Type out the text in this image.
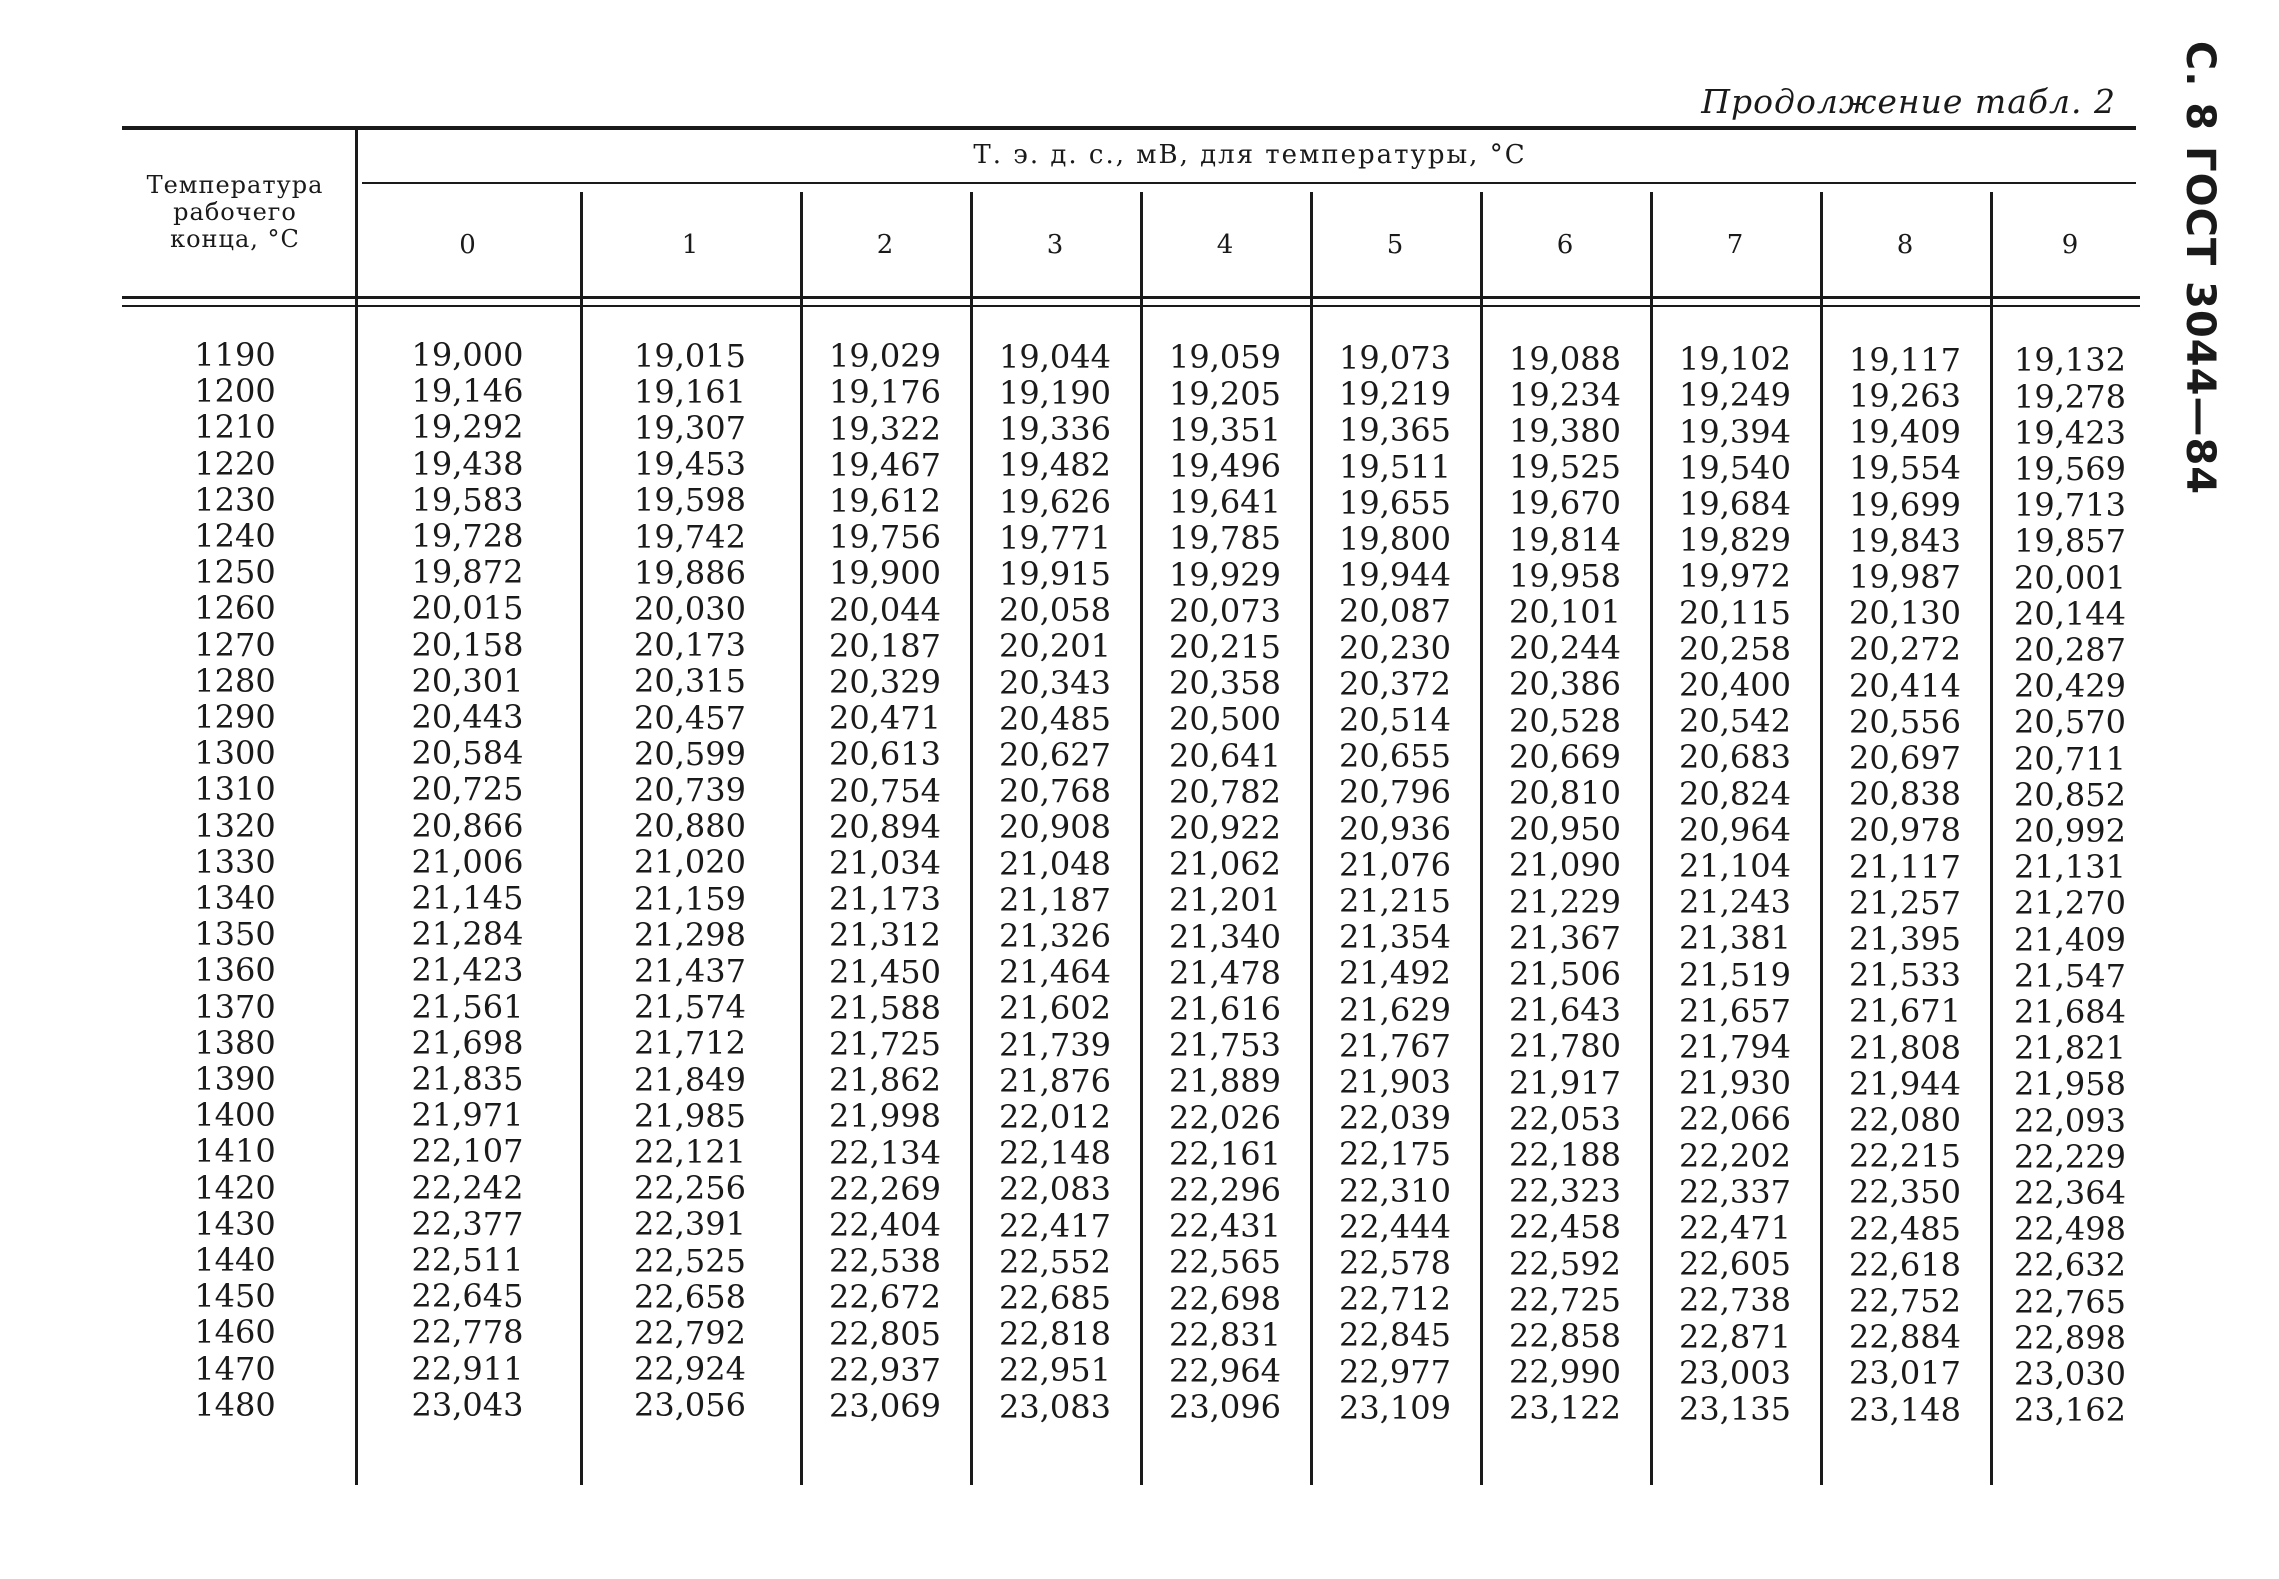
С. 8 ГОСТ 3044—84
Продолжение табл. 2
Температура
рабочего
конца, °С
Т. э. д. с., мВ, для температуры, °С
0	1	2	3	4	5	6	7	8	9
1190	19,000	19,015	19,029	19,044	19,059	19,073	19,088	19,102	19,117	19,132
1200	19,146	19,161	19,176	19,190	19,205	19,219	19,234	19,249	19,263	19,278
1210	19,292	19,307	19,322	19,336	19,351	19,365	19,380	19,394	19,409	19,423
1220	19,438	19,453	19,467	19,482	19,496	19,511	19,525	19,540	19,554	19,569
1230	19,583	19,598	19,612	19,626	19,641	19,655	19,670	19,684	19,699	19,713
1240	19,728	19,742	19,756	19,771	19,785	19,800	19,814	19,829	19,843	19,857
1250	19,872	19,886	19,900	19,915	19,929	19,944	19,958	19,972	19,987	20,001
1260	20,015	20,030	20,044	20,058	20,073	20,087	20,101	20,115	20,130	20,144
1270	20,158	20,173	20,187	20,201	20,215	20,230	20,244	20,258	20,272	20,287
1280	20,301	20,315	20,329	20,343	20,358	20,372	20,386	20,400	20,414	20,429
1290	20,443	20,457	20,471	20,485	20,500	20,514	20,528	20,542	20,556	20,570
1300	20,584	20,599	20,613	20,627	20,641	20,655	20,669	20,683	20,697	20,711
1310	20,725	20,739	20,754	20,768	20,782	20,796	20,810	20,824	20,838	20,852
1320	20,866	20,880	20,894	20,908	20,922	20,936	20,950	20,964	20,978	20,992
1330	21,006	21,020	21,034	21,048	21,062	21,076	21,090	21,104	21,117	21,131
1340	21,145	21,159	21,173	21,187	21,201	21,215	21,229	21,243	21,257	21,270
1350	21,284	21,298	21,312	21,326	21,340	21,354	21,367	21,381	21,395	21,409
1360	21,423	21,437	21,450	21,464	21,478	21,492	21,506	21,519	21,533	21,547
1370	21,561	21,574	21,588	21,602	21,616	21,629	21,643	21,657	21,671	21,684
1380	21,698	21,712	21,725	21,739	21,753	21,767	21,780	21,794	21,808	21,821
1390	21,835	21,849	21,862	21,876	21,889	21,903	21,917	21,930	21,944	21,958
1400	21,971	21,985	21,998	22,012	22,026	22,039	22,053	22,066	22,080	22,093
1410	22,107	22,121	22,134	22,148	22,161	22,175	22,188	22,202	22,215	22,229
1420	22,242	22,256	22,269	22,083	22,296	22,310	22,323	22,337	22,350	22,364
1430	22,377	22,391	22,404	22,417	22,431	22,444	22,458	22,471	22,485	22,498
1440	22,511	22,525	22,538	22,552	22,565	22,578	22,592	22,605	22,618	22,632
1450	22,645	22,658	22,672	22,685	22,698	22,712	22,725	22,738	22,752	22,765
1460	22,778	22,792	22,805	22,818	22,831	22,845	22,858	22,871	22,884	22,898
1470	22,911	22,924	22,937	22,951	22,964	22,977	22,990	23,003	23,017	23,030
1480	23,043	23,056	23,069	23,083	23,096	23,109	23,122	23,135	23,148	23,162
